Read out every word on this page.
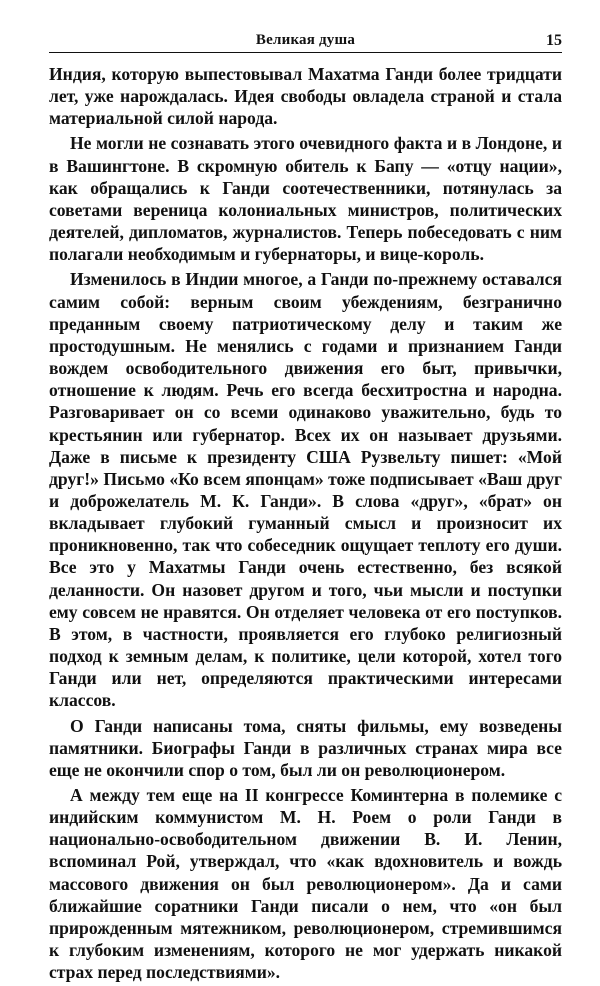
Великая душа	15

Индия, которую выпестовывал Махатма Ганди более тридцати лет, уже нарождалась. Идея свободы овладела страной и стала материальной силой народа.

Не могли не сознавать этого очевидного факта и в Лондоне, и в Вашингтоне. В скромную обитель к Бапу — «отцу нации», как обращались к Ганди соотечественники, потянулась за советами вереница колониальных министров, политических деятелей, дипломатов, журналистов. Теперь побеседовать с ним полагали необходимым и губернаторы, и вице-король.

Изменилось в Индии многое, а Ганди по-прежнему оставался самим собой: верным своим убеждениям, безгранично преданным своему патриотическому делу и таким же простодушным. Не менялись с годами и признанием Ганди вождем освободительного движения его быт, привычки, отношение к людям. Речь его всегда бесхитростна и народна. Разговаривает он со всеми одинаково уважительно, будь то крестьянин или губернатор. Всех их он называет друзьями. Даже в письме к президенту США Рузвельту пишет: «Мой друг!» Письмо «Ко всем японцам» тоже подписывает «Ваш друг и доброжелатель М. К. Ганди». В слова «друг», «брат» он вкладывает глубокий гуманный смысл и произносит их проникновенно, так что собеседник ощущает теплоту его души. Все это у Махатмы Ганди очень естественно, без всякой деланности. Он назовет другом и того, чьи мысли и поступки ему совсем не нравятся. Он отделяет человека от его поступков. В этом, в частности, проявляется его глубоко религиозный подход к земным делам, к политике, цели которой, хотел того Ганди или нет, определяются практическими интересами классов.

О Ганди написаны тома, сняты фильмы, ему возведены памятники. Биографы Ганди в различных странах мира все еще не окончили спор о том, был ли он революционером.

А между тем еще на II конгрессе Коминтерна в полемике с индийским коммунистом М. Н. Роем о роли Ганди в национально-освободительном движении В. И. Ленин, вспоминал Рой, утверждал, что «как вдохновитель и вождь массового движения он был революционером». Да и сами ближайшие соратники Ганди писали о нем, что «он был прирожденным мятежником, революционером, стремившимся к глубоким изменениям, которого не мог удержать никакой страх перед последствиями».
